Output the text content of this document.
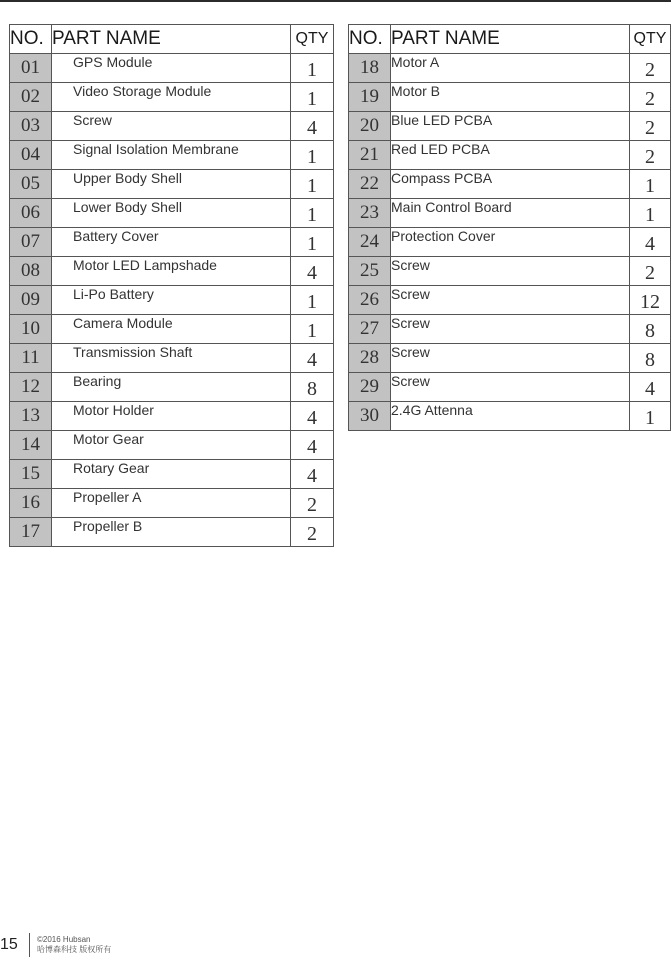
NO.	PART NAME	QTY
01	GPS Module	1
02	Video Storage Module	1
03	Screw	4
04	Signal Isolation Membrane	1
05	Upper Body Shell	1
06	Lower Body Shell	1
07	Battery Cover	1
08	Motor LED Lampshade	4
09	Li-Po Battery	1
10	Camera Module	1
11	Transmission Shaft	4
12	Bearing	8
13	Motor Holder	4
14	Motor Gear	4
15	Rotary Gear	4
16	Propeller A	2
17	Propeller B	2
NO.	PART NAME	QTY
18	Motor A	2
19	Motor B	2
20	Blue LED PCBA	2
21	Red LED PCBA	2
22	Compass PCBA	1
23	Main Control Board	1
24	Protection Cover	4
25	Screw	2
26	Screw	12
27	Screw	8
28	Screw	8
29	Screw	4
30	2.4G Attenna	1
15 ©2016 Hubsan
哈博森科技 版权所有
